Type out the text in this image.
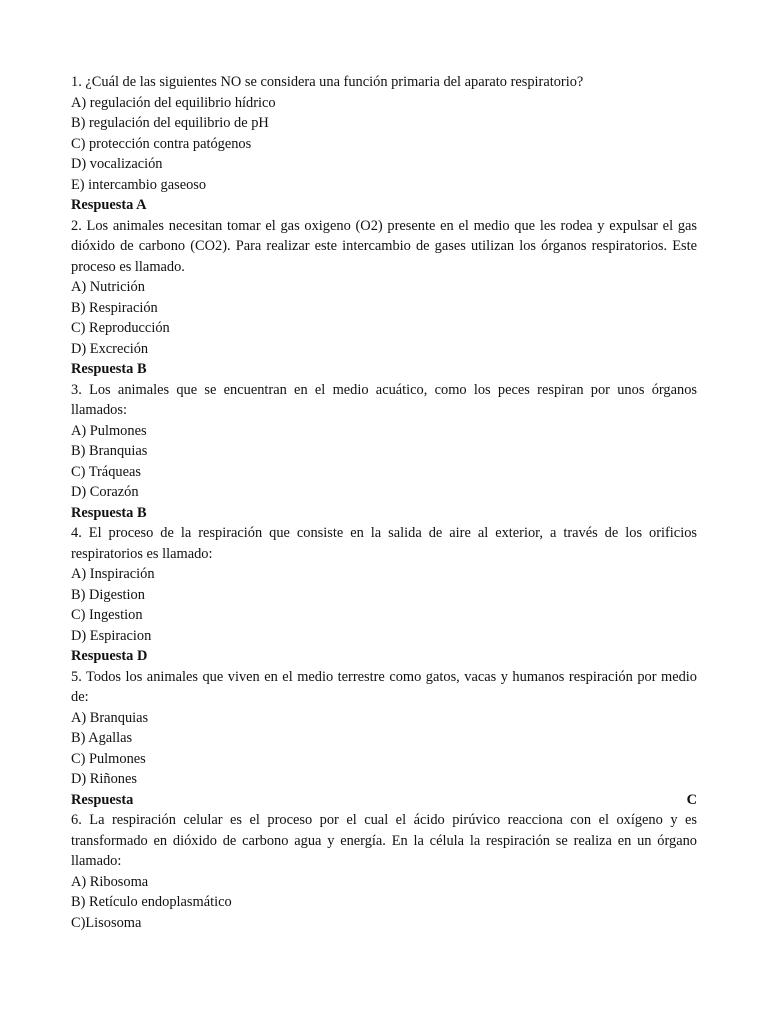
1. ¿Cuál de las siguientes NO se considera una función primaria del aparato respiratorio?

A) regulación del equilibrio hídrico
B) regulación del equilibrio de pH
C) protección contra patógenos
D) vocalización
E) intercambio gaseoso

Respuesta A

2. Los animales necesitan tomar el gas oxigeno (O2) presente en el medio que les rodea y expulsar el gas dióxido de carbono (CO2). Para realizar este intercambio de gases utilizan los órganos respiratorios. Este proceso es llamado.

A) Nutrición
B) Respiración
C) Reproducción
D) Excreción

Respuesta B

3. Los animales que se encuentran en el medio acuático, como los peces respiran por unos órganos llamados:

A) Pulmones
B) Branquias
C) Tráqueas
D) Corazón

Respuesta B

4. El proceso de la respiración que consiste en la salida de aire al exterior, a través de los orificios respiratorios es llamado:

A) Inspiración
B) Digestion
C) Ingestion
D) Espiracion

Respuesta D

5. Todos los animales que viven en el medio terrestre como gatos, vacas y humanos respiración por medio de:

A) Branquias
B) Agallas
C) Pulmones
D) Riñones

Respuesta	C

6. La respiración celular es el proceso por el cual el ácido pirúvico reacciona con el oxígeno y es transformado en dióxido de carbono agua y energía. En la célula la respiración se realiza en un órgano llamado:

A) Ribosoma
B) Retículo endoplasmático
C)Lisosoma
